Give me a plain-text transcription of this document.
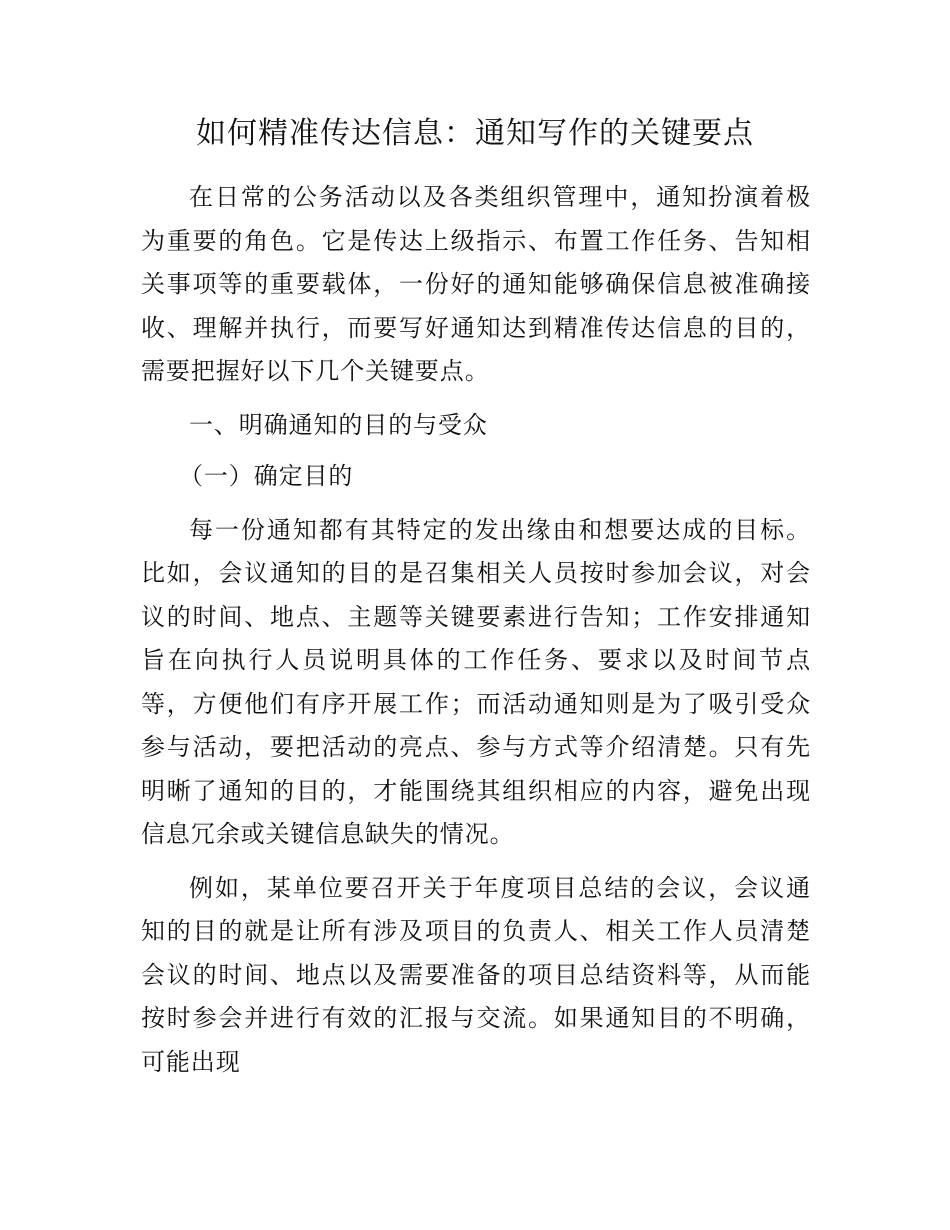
如何精准传达信息：通知写作的关键要点

在日常的公务活动以及各类组织管理中，通知扮演着极为重要的角色。它是传达上级指示、布置工作任务、告知相关事项等的重要载体，一份好的通知能够确保信息被准确接收、理解并执行，而要写好通知达到精准传达信息的目的，需要把握好以下几个关键要点。

一、明确通知的目的与受众

（一）确定目的

每一份通知都有其特定的发出缘由和想要达成的目标。比如，会议通知的目的是召集相关人员按时参加会议，对会议的时间、地点、主题等关键要素进行告知；工作安排通知旨在向执行人员说明具体的工作任务、要求以及时间节点等，方便他们有序开展工作；而活动通知则是为了吸引受众参与活动，要把活动的亮点、参与方式等介绍清楚。只有先明晰了通知的目的，才能围绕其组织相应的内容，避免出现信息冗余或关键信息缺失的情况。

例如，某单位要召开关于年度项目总结的会议，会议通知的目的就是让所有涉及项目的负责人、相关工作人员清楚会议的时间、地点以及需要准备的项目总结资料等，从而能按时参会并进行有效的汇报与交流。如果通知目的不明确，可能出现
